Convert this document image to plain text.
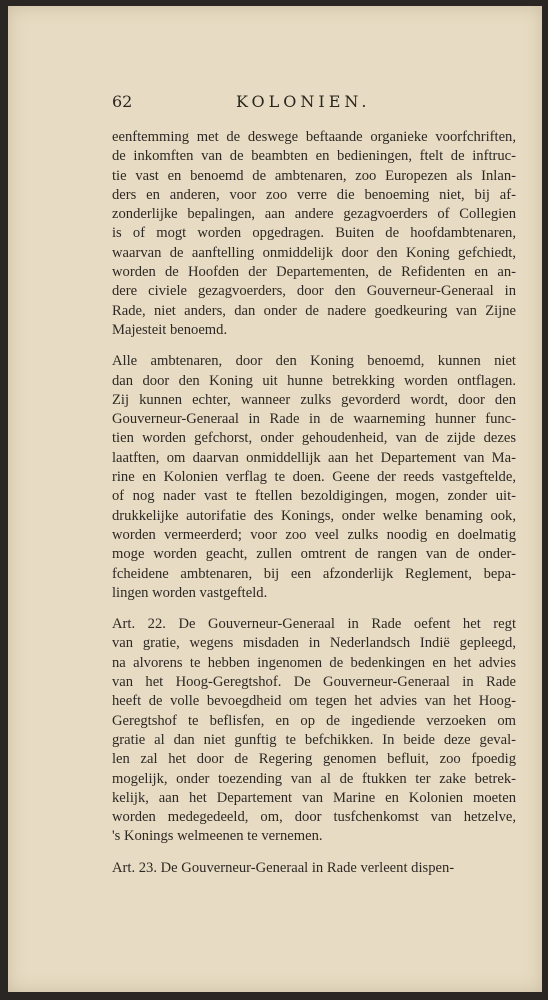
62	KOLONIEN.
eenftemming met de deswege beftaande organieke voorfchriften,
de inkomften van de beambten en bedieningen, ftelt de inftruc-
tie vast en benoemd de ambtenaren, zoo Europezen als Inlan-
ders en anderen, voor zoo verre die benoeming niet, bij af-
zonderlijke bepalingen, aan andere gezagvoerders of Collegien
is of mogt worden opgedragen. Buiten de hoofdambtenaren,
waarvan de aanftelling onmiddelijk door den Koning gefchiedt,
worden de Hoofden der Departementen, de Refidenten en an-
dere civiele gezagvoerders, door den Gouverneur-Generaal in
Rade, niet anders, dan onder de nadere goedkeuring van Zijne
Majesteit benoemd.
Alle ambtenaren, door den Koning benoemd, kunnen niet
dan door den Koning uit hunne betrekking worden ontflagen.
Zij kunnen echter, wanneer zulks gevorderd wordt, door den
Gouverneur-Generaal in Rade in de waarneming hunner func-
tien worden gefchorst, onder gehoudenheid, van de zijde dezes
laatften, om daarvan onmiddellijk aan het Departement van Ma-
rine en Kolonien verflag te doen. Geene der reeds vastgeftelde,
of nog nader vast te ftellen bezoldigingen, mogen, zonder uit-
drukkelijke autorifatie des Konings, onder welke benaming ook,
worden vermeerderd; voor zoo veel zulks noodig en doelmatig
moge worden geacht, zullen omtrent de rangen van de onder-
fcheidene ambtenaren, bij een afzonderlijk Reglement, bepa-
lingen worden vastgefteld.
Art. 22. De Gouverneur-Generaal in Rade oefent het regt
van gratie, wegens misdaden in Nederlandsch Indië gepleegd,
na alvorens te hebben ingenomen de bedenkingen en het advies
van het Hoog-Geregtshof. De Gouverneur-Generaal in Rade
heeft de volle bevoegdheid om tegen het advies van het Hoog-
Geregtshof te beflisfen, en op de ingediende verzoeken om
gratie al dan niet gunftig te befchikken. In beide deze geval-
len zal het door de Regering genomen befluit, zoo fpoedig
mogelijk, onder toezending van al de ftukken ter zake betrek-
kelijk, aan het Departement van Marine en Kolonien moeten
worden medegedeeld, om, door tusfchenkomst van hetzelve,
's Konings welmeenen te vernemen.
Art. 23. De Gouverneur-Generaal in Rade verleent dispen-
